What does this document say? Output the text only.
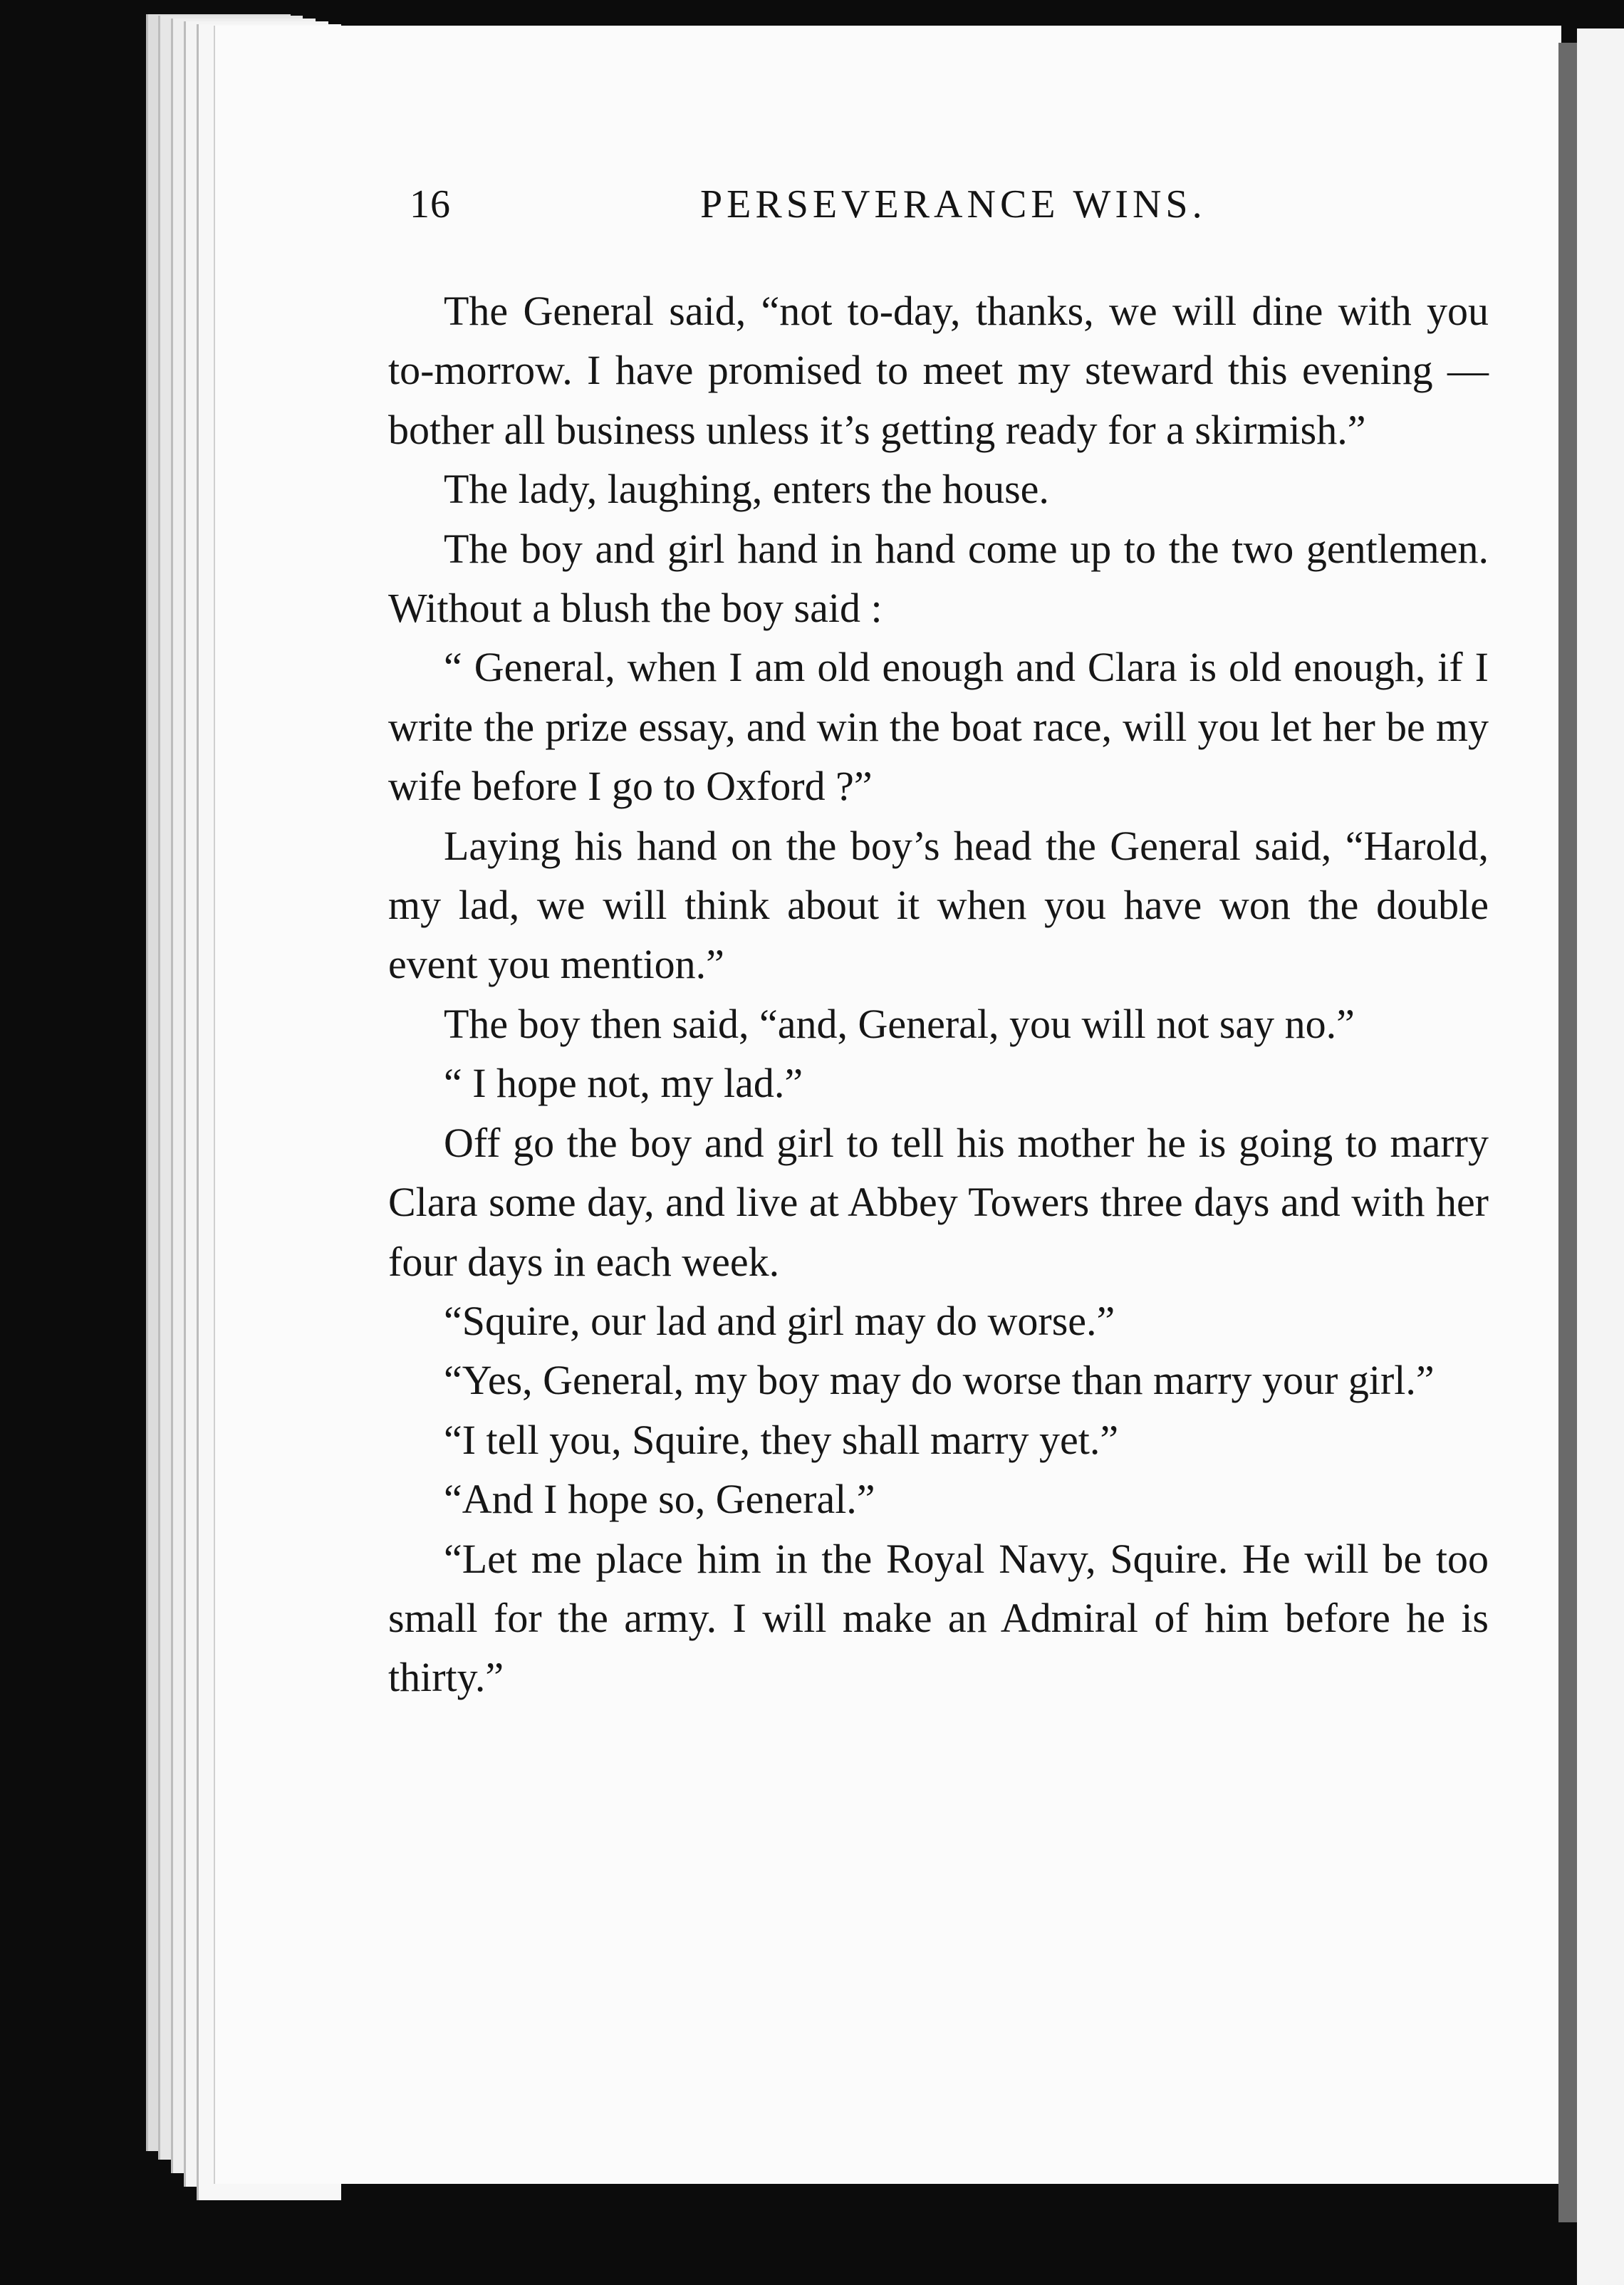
16	PERSEVERANCE WINS.

The General said, “not to-day, thanks, we will dine with you to-morrow. I have promised to meet my steward this evening —bother all business unless it’s getting ready for a skirmish.”

The lady, laughing, enters the house.

The boy and girl hand in hand come up to the two gentlemen. Without a blush the boy said :

“ General, when I am old enough and Clara is old enough, if I write the prize essay, and win the boat race, will you let her be my wife before I go to Oxford ?”

Laying his hand on the boy’s head the General said, “Harold, my lad, we will think about it when you have won the double event you mention.”

The boy then said, “and, General, you will not say no.”

“ I hope not, my lad.”

Off go the boy and girl to tell his mother he is going to marry Clara some day, and live at Abbey Towers three days and with her four days in each week.

“Squire, our lad and girl may do worse.”

“Yes, General, my boy may do worse than marry your girl.”

“I tell you, Squire, they shall marry yet.”

“And I hope so, General.”

“Let me place him in the Royal Navy, Squire. He will be too small for the army. I will make an Admiral of him before he is thirty.”
